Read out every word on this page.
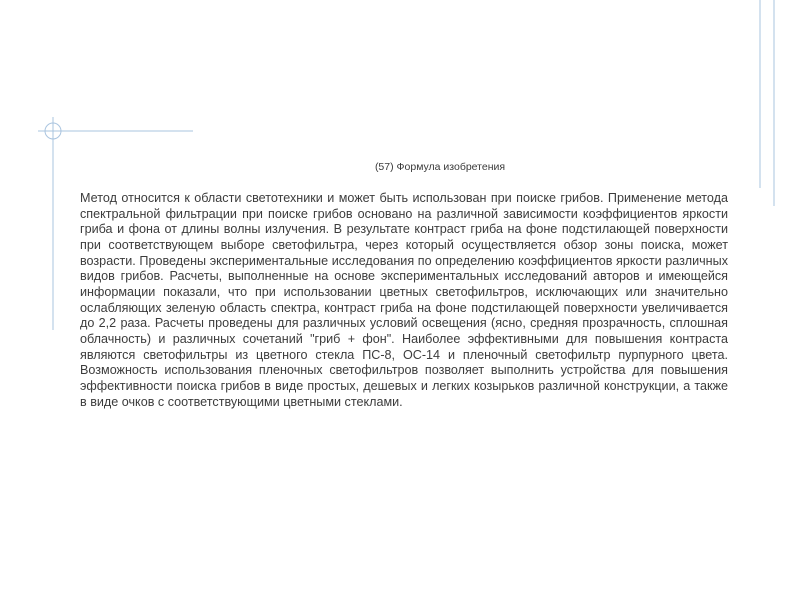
(57) Формула изобретения

Метод относится к области светотехники и может быть использован при поиске грибов. Применение метода спектральной фильтрации при поиске грибов основано на различной зависимости коэффициентов яркости гриба и фона от длины волны излучения. В результате контраст гриба на фоне подстилающей поверхности при соответствующем выборе светофильтра, через который осуществляется обзор зоны поиска, может возрасти. Проведены экспериментальные исследования по определению коэффициентов яркости различных видов грибов. Расчеты, выполненные на основе экспериментальных исследований авторов и имеющейся информации показали, что при использовании цветных светофильтров, исключающих или значительно ослабляющих зеленую область спектра, контраст гриба на фоне подстилающей поверхности увеличивается до 2,2 раза. Расчеты проведены для различных условий освещения (ясно, средняя прозрачность, сплошная облачность) и различных сочетаний "гриб + фон". Наиболее эффективными для повышения контраста являются светофильтры из цветного стекла ПС-8, ОС-14 и пленочный светофильтр пурпурного цвета. Возможность использования пленочных светофильтров позволяет выполнить устройства для повышения эффективности поиска грибов в виде простых, дешевых и легких козырьков различной конструкции, а также в виде очков с соответствующими цветными стеклами.
